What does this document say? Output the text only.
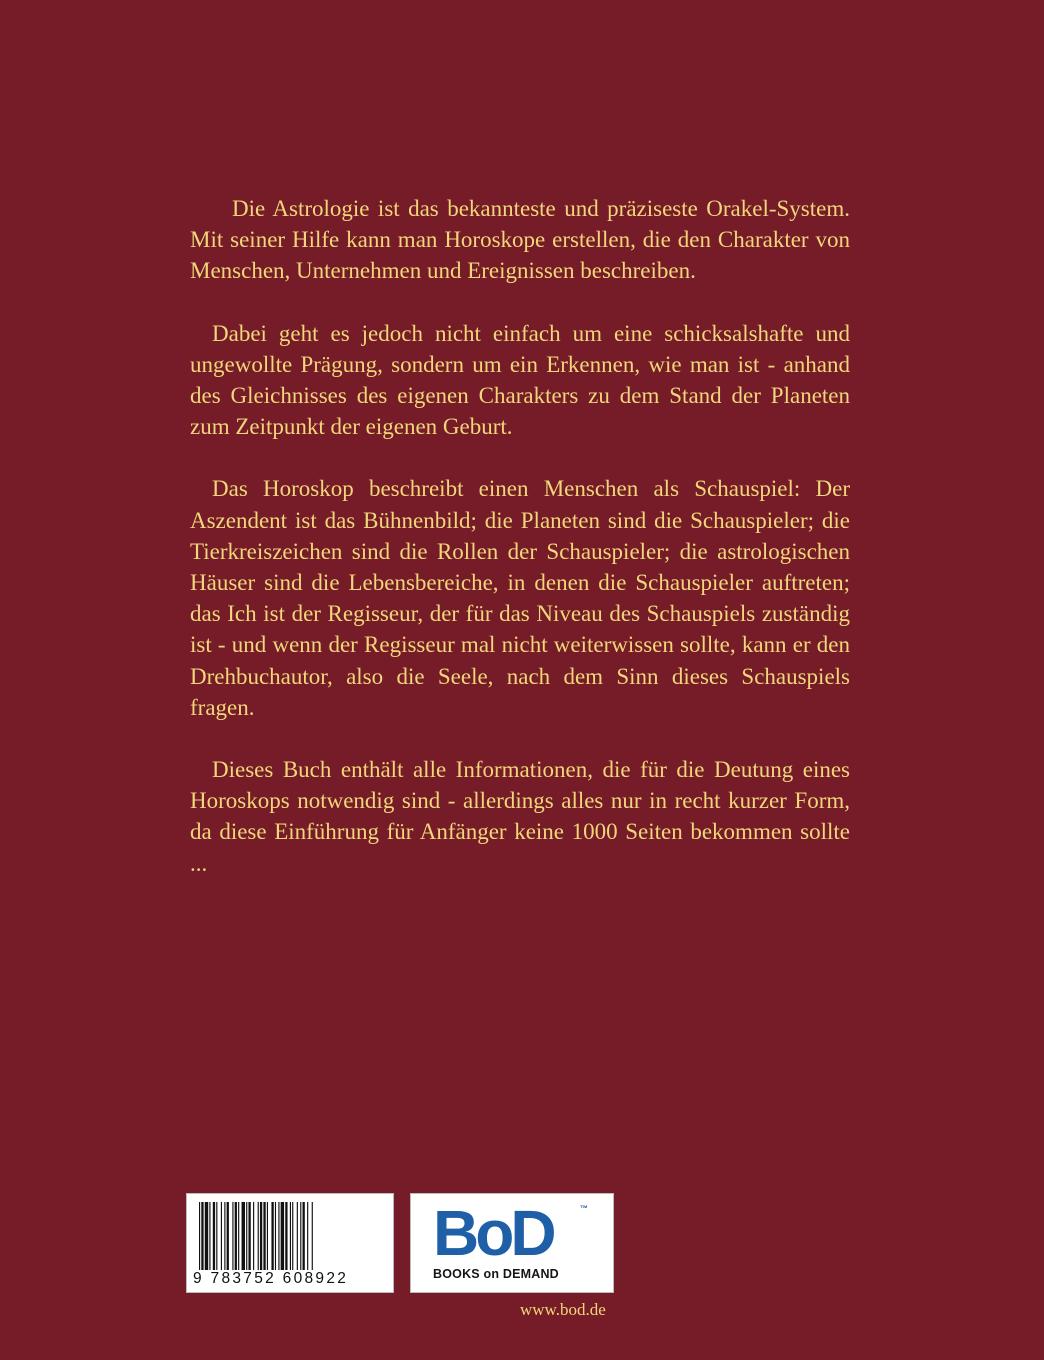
Die Astrologie ist das bekannteste und präziseste Orakel-System. Mit seiner Hilfe kann man Horoskope erstellen, die den Charakter von Menschen, Unternehmen und Ereignissen beschreiben.

Dabei geht es jedoch nicht einfach um eine schicksalshafte und ungewollte Prägung, sondern um ein Erkennen, wie man ist - anhand des Gleichnisses des eigenen Charakters zu dem Stand der Planeten zum Zeitpunkt der eigenen Geburt.

Das Horoskop beschreibt einen Menschen als Schauspiel: Der Aszendent ist das Bühnenbild; die Planeten sind die Schauspieler; die Tierkreiszeichen sind die Rollen der Schauspieler; die astrologischen Häuser sind die Lebensbereiche, in denen die Schauspieler auftreten; das Ich ist der Regisseur, der für das Niveau des Schauspiels zuständig ist - und wenn der Regisseur mal nicht weiterwissen sollte, kann er den Drehbuchautor, also die Seele, nach dem Sinn dieses Schauspiels fragen.

Dieses Buch enthält alle Informationen, die für die Deutung eines Horoskops notwendig sind - allerdings alles nur in recht kurzer Form, da diese Einführung für Anfänger keine 1000 Seiten bekommen sollte ...

9 783752 608922
BoD	™
BOOKS on DEMAND
www.bod.de
